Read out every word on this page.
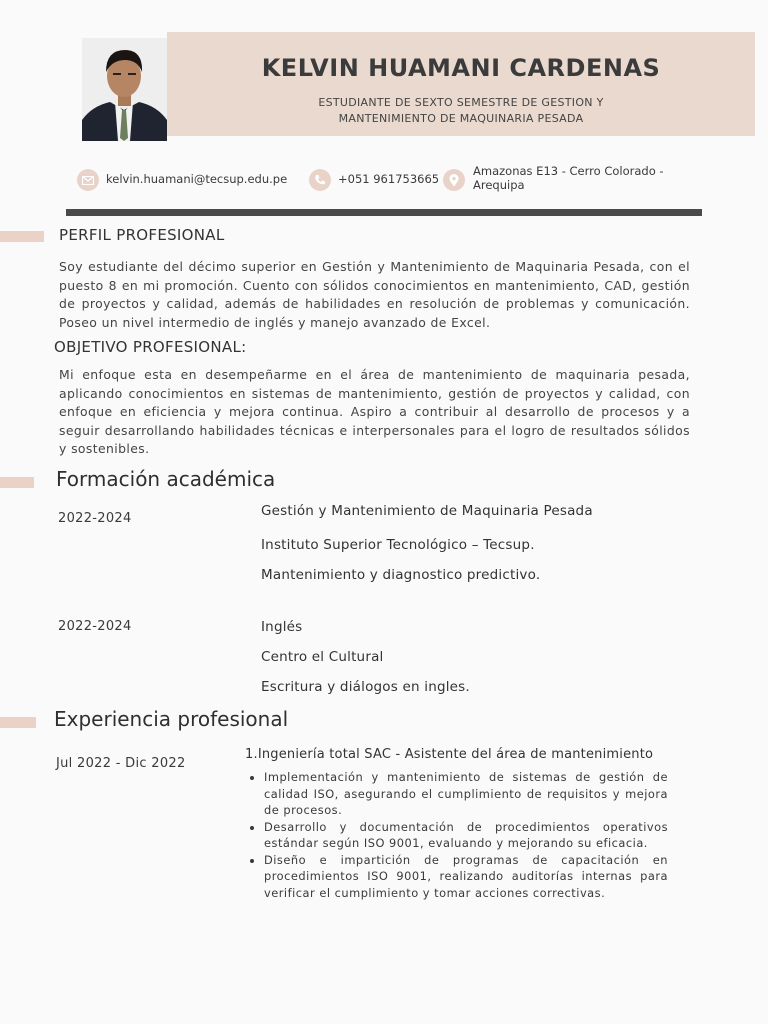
KELVIN HUAMANI CARDENAS
ESTUDIANTE DE SEXTO SEMESTRE DE GESTION Y
MANTENIMIENTO DE MAQUINARIA PESADA
kelvin.huamani@tecsup.edu.pe	+051 961753665
Amazonas E13 - Cerro Colorado -
Arequipa
PERFIL PROFESIONAL
Soy estudiante del décimo superior en Gestión y Mantenimiento de Maquinaria Pesada, con el puesto 8 en mi promoción. Cuento con sólidos conocimientos en mantenimiento, CAD, gestión de proyectos y calidad, además de habilidades en resolución de problemas y comunicación. Poseo un nivel intermedio de inglés y manejo avanzado de Excel.
OBJETIVO PROFESIONAL:
Mi enfoque esta en desempeñarme en el área de mantenimiento de maquinaria pesada, aplicando conocimientos en sistemas de mantenimiento, gestión de proyectos y calidad, con enfoque en eficiencia y mejora continua. Aspiro a contribuir al desarrollo de procesos y a seguir desarrollando habilidades técnicas e interpersonales para el logro de resultados sólidos y sostenibles.
Formación académica
2022-2024	Gestión y Mantenimiento de Maquinaria Pesada
Instituto Superior Tecnológico – Tecsup.
Mantenimiento y diagnostico predictivo.
2022-2024	Inglés
Centro el Cultural
Escritura y diálogos en ingles.
Experiencia profesional
Jul 2022 - Dic 2022
1.Ingeniería total SAC - Asistente del área de mantenimiento
• Implementación y mantenimiento de sistemas de gestión de calidad ISO, asegurando el cumplimiento de requisitos y mejora de procesos.
• Desarrollo y documentación de procedimientos operativos estándar según ISO 9001, evaluando y mejorando su eficacia.
• Diseño e impartición de programas de capacitación en procedimientos ISO 9001, realizando auditorías internas para verificar el cumplimiento y tomar acciones correctivas.
